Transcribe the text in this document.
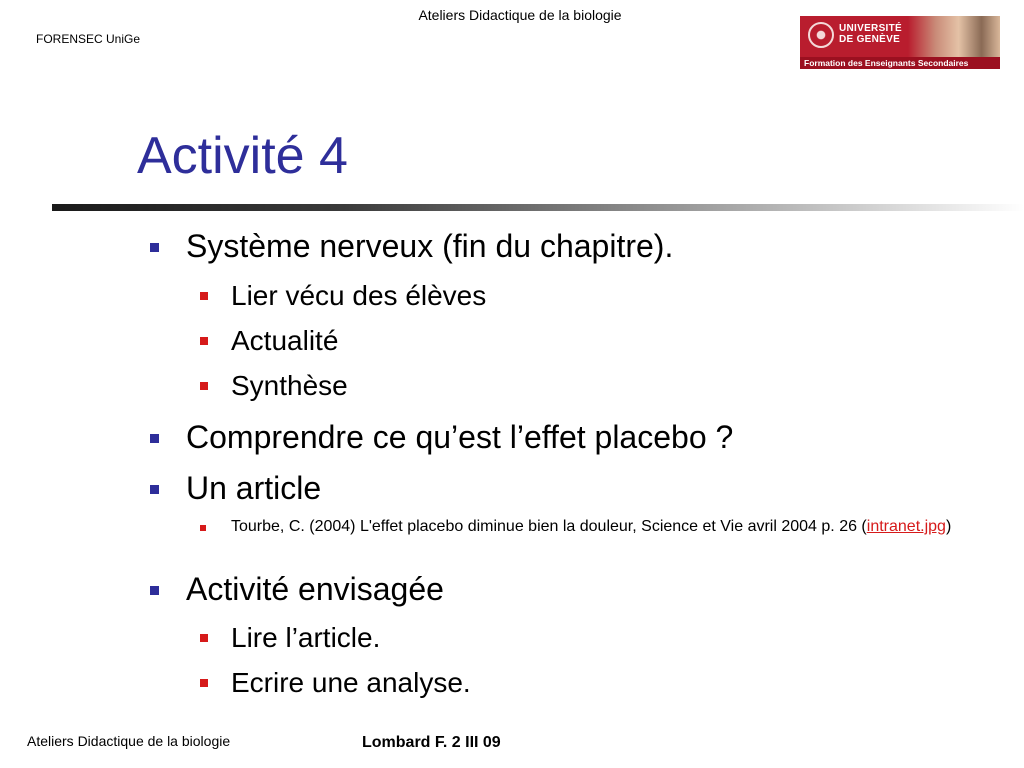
Ateliers Didactique de la biologie
FORENSEC UniGe
UNIVERSITÉ
DE GENÈVE
Formation des Enseignants Secondaires
Activité 4
Système nerveux (fin du chapitre).
Lier vécu des élèves
Actualité
Synthèse
Comprendre ce qu’est l’effet placebo ?
Un article
Tourbe, C. (2004) L'effet placebo diminue bien la douleur, Science et Vie avril 2004 p. 26 (intranet.jpg)
Activité envisagée
Lire l’article.
Ecrire une analyse.
Ateliers Didactique de la biologie	Lombard F. 2 III 09
